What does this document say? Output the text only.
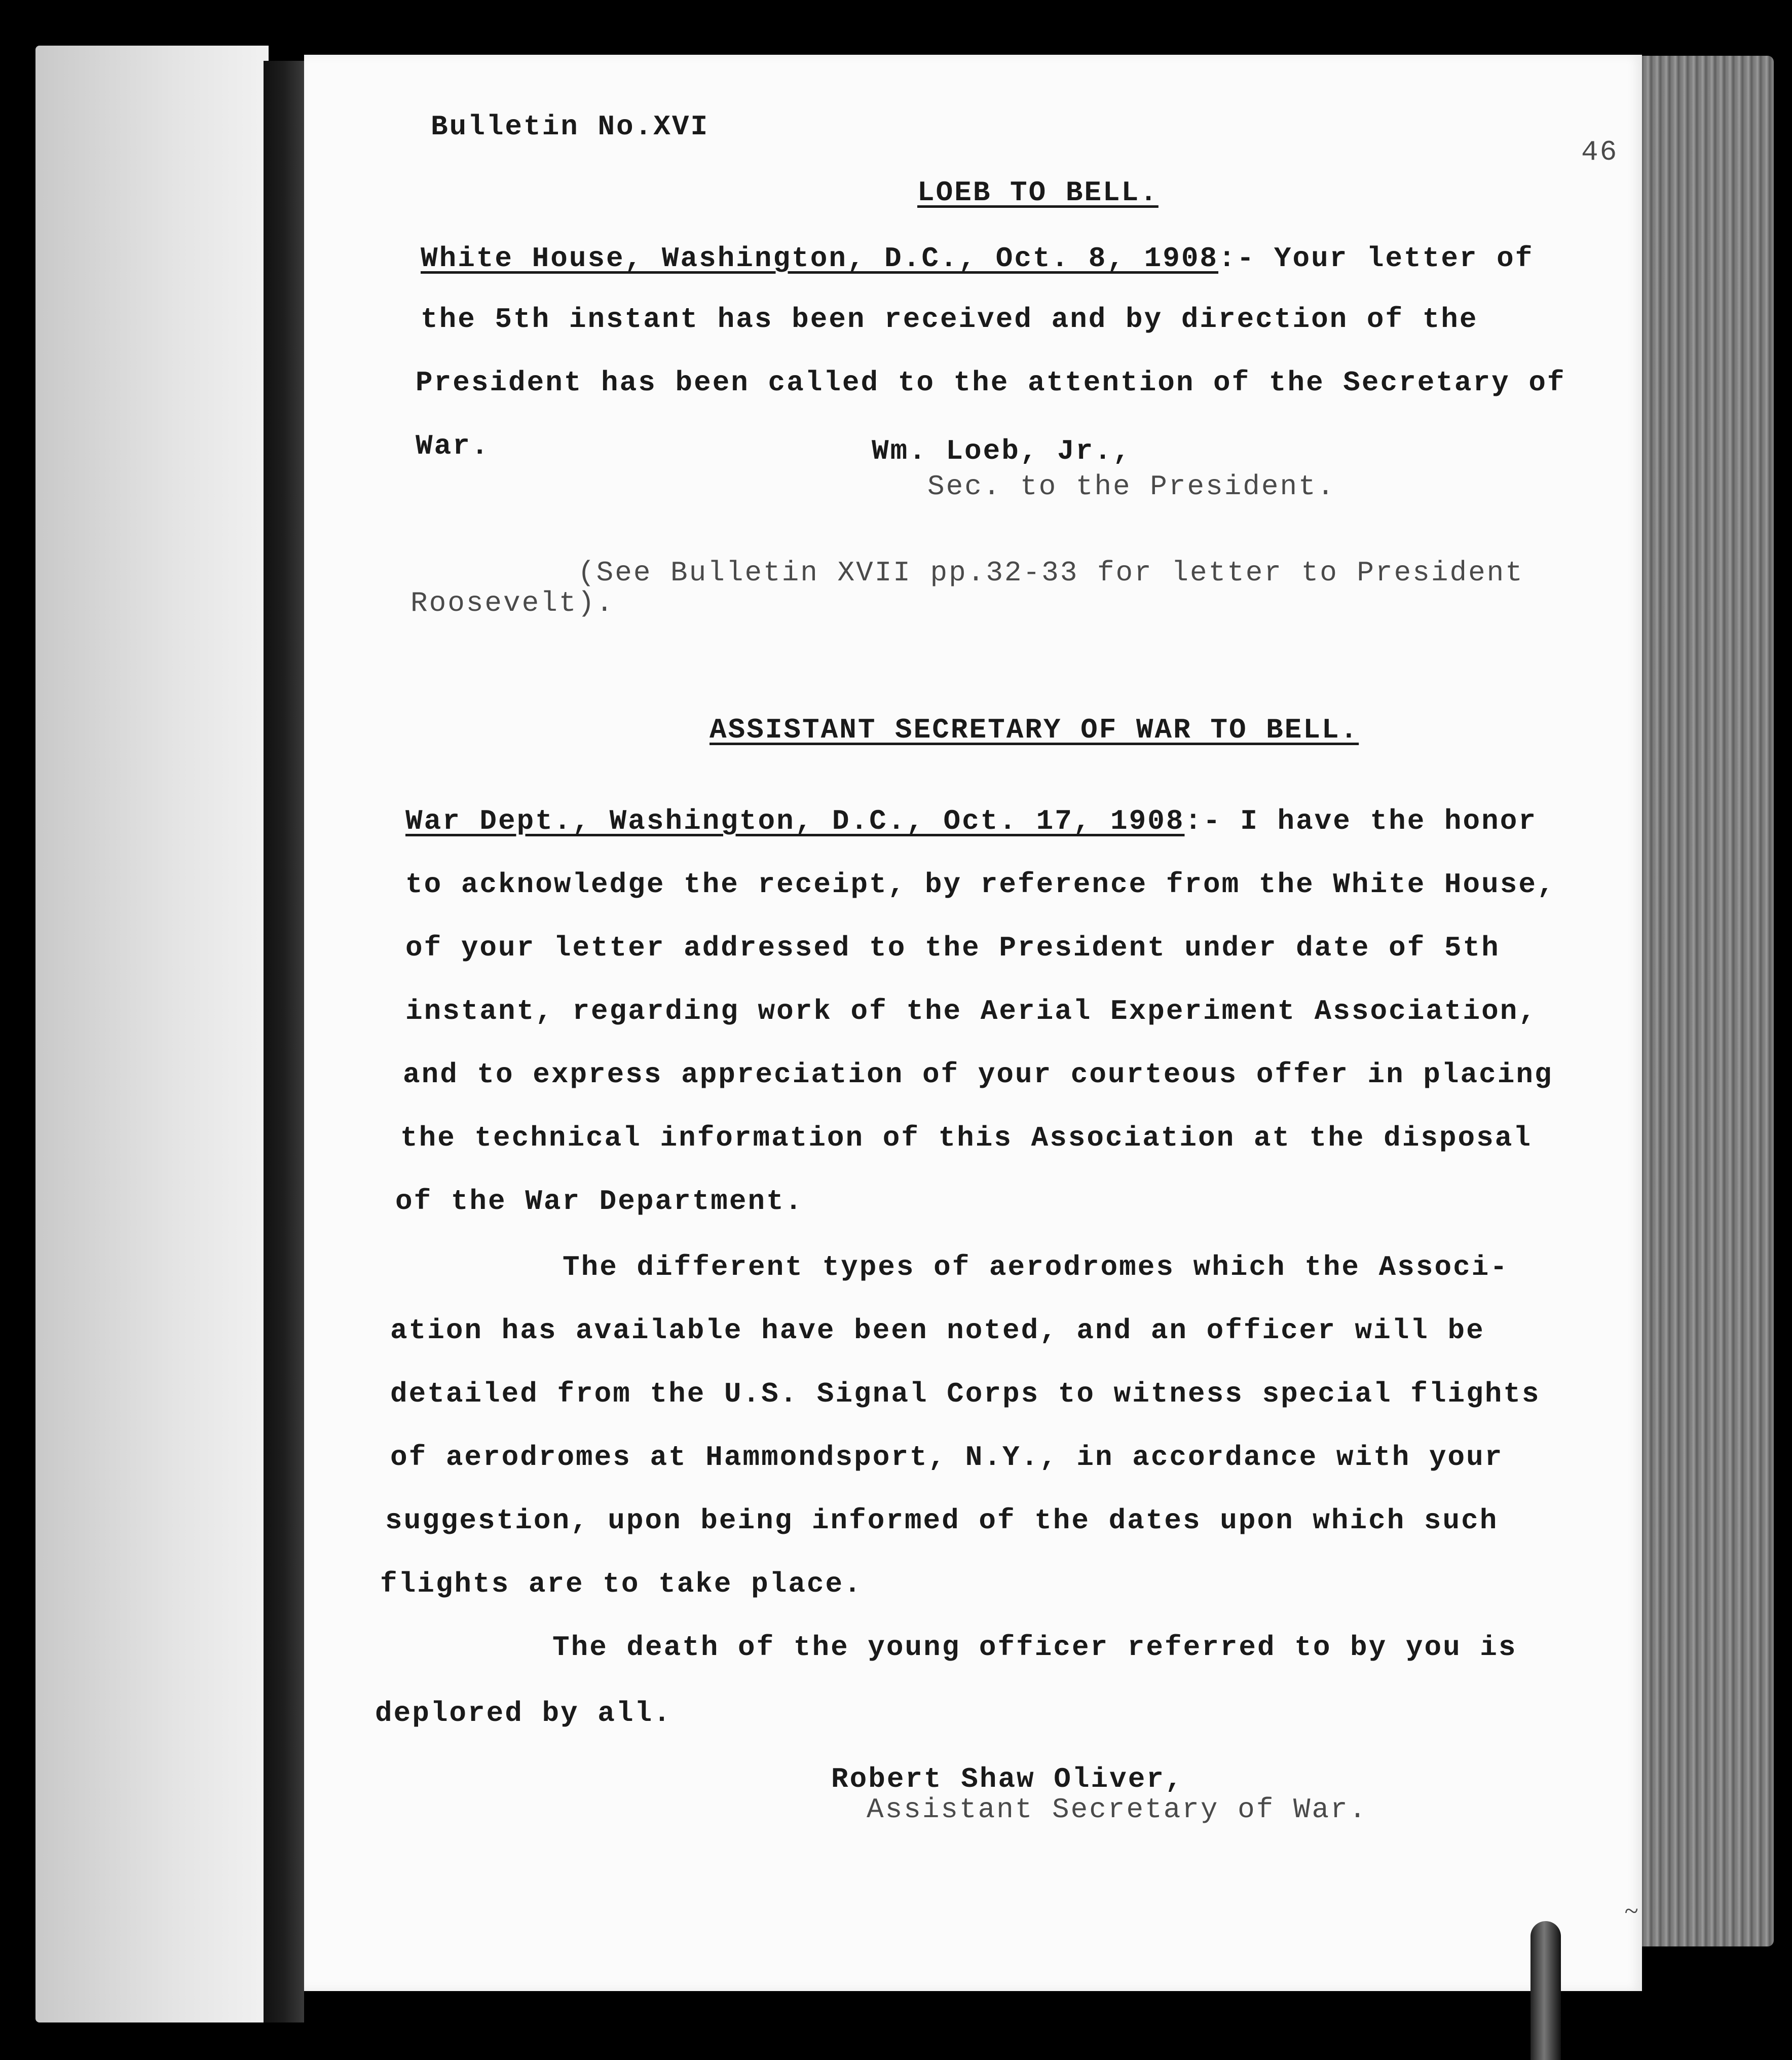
Bulletin No.XVI
46
LOEB TO BELL.
White House, Washington, D.C., Oct. 8, 1908:- Your letter of
the 5th instant has been received and by direction of the
President has been called to the attention of the Secretary of
War.	Wm. Loeb, Jr.,
Sec. to the President.
(See Bulletin XVII pp.32-33 for letter to President
Roosevelt).
ASSISTANT SECRETARY OF WAR TO BELL.
War Dept., Washington, D.C., Oct. 17, 1908:- I have the honor
to acknowledge the receipt, by reference from the White House,
of your letter addressed to the President under date of 5th
instant, regarding work of the Aerial Experiment Association,
and to express appreciation of your courteous offer in placing
the technical information of this Association at the disposal
of the War Department.
The different types of aerodromes which the Associ-
ation has available have been noted, and an officer will be
detailed from the U.S. Signal Corps to witness special flights
of aerodromes at Hammondsport, N.Y., in accordance with your
suggestion, upon being informed of the dates upon which such
flights are to take place.
The death of the young officer referred to by you is
deplored by all.
Robert Shaw Oliver,
Assistant Secretary of War.
~
